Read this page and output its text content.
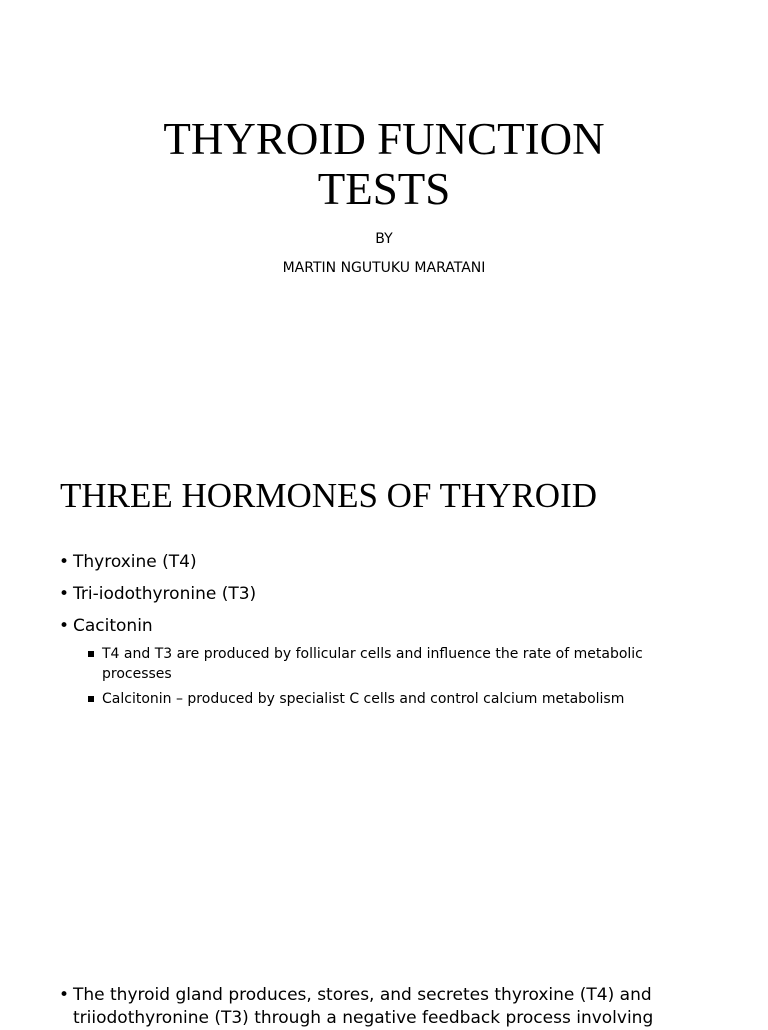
THYROID FUNCTION
TESTS

BY

MARTIN NGUTUKU MARATANI

THREE HORMONES OF THYROID

• Thyroxine (T4)

• Tri-iodothyronine (T3)

• Cacitonin

T4 and T3 are produced by follicular cells and influence the rate of metabolic processes

Calcitonin – produced by specialist C cells and control calcium metabolism

• The thyroid gland produces, stores, and secretes thyroxine (T4) and triiodothyronine (T3) through a negative feedback process involving
